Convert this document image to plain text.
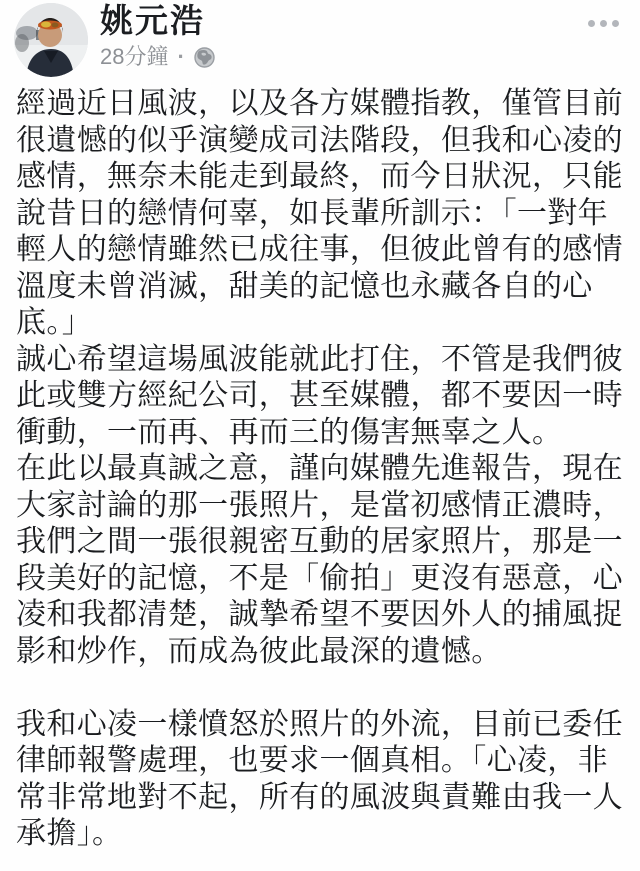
姚元浩
28分鐘 ·
經過近日風波，以及各方媒體指教，僅管目前
很遺憾的似乎演變成司法階段，但我和心凌的
感情，無奈未能走到最終，而今日狀況，只能
說昔日的戀情何辜，如長輩所訓示：「一對年
輕人的戀情雖然已成往事，但彼此曾有的感情
溫度未曾消滅，甜美的記憶也永藏各自的心
底。」
誠心希望這場風波能就此打住，不管是我們彼
此或雙方經紀公司，甚至媒體，都不要因一時
衝動，一而再、再而三的傷害無辜之人。
在此以最真誠之意，謹向媒體先進報告，現在
大家討論的那一張照片，是當初感情正濃時，
我們之間一張很親密互動的居家照片，那是一
段美好的記憶，不是「偷拍」更沒有惡意，心
凌和我都清楚，誠摯希望不要因外人的捕風捉
影和炒作，而成為彼此最深的遺憾。

我和心凌一樣憤怒於照片的外流，目前已委任
律師報警處理，也要求一個真相。「心凌，非
常非常地對不起，所有的風波與責難由我一人
承擔」。
